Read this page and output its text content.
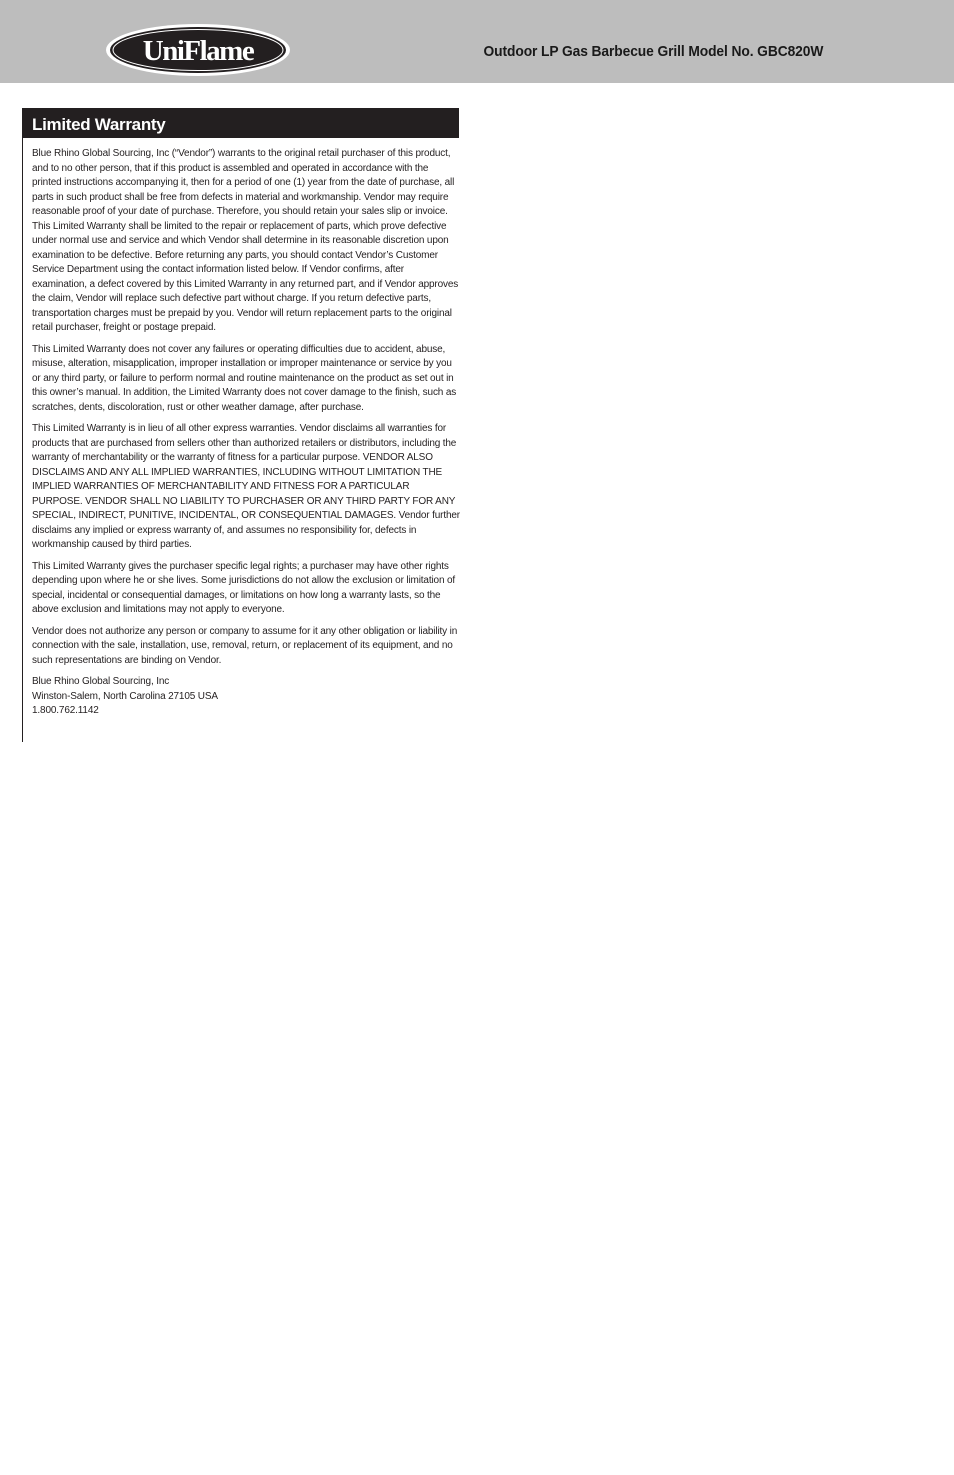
UniFlame	Outdoor LP Gas Barbecue Grill Model No. GBC820W
Limited Warranty

Blue Rhino Global Sourcing, Inc (“Vendor”) warrants to the original retail purchaser of this product, and to no other person, that if this product is assembled and operated in accordance with the printed instructions accompanying it, then for a period of one (1) year from the date of purchase, all parts in such product shall be free from defects in material and workmanship. Vendor may require reasonable proof of your date of purchase. Therefore, you should retain your sales slip or invoice. This Limited Warranty shall be limited to the repair or replacement of parts, which prove defective under normal use and service and which Vendor shall determine in its reasonable discretion upon examination to be defective. Before returning any parts, you should contact Vendor’s Customer Service Department using the contact information listed below. If Vendor confirms, after examination, a defect covered by this Limited Warranty in any returned part, and if Vendor approves the claim, Vendor will replace such defective part without charge. If you return defective parts, transportation charges must be prepaid by you. Vendor will return replacement parts to the original retail purchaser, freight or postage prepaid.

This Limited Warranty does not cover any failures or operating difficulties due to accident, abuse, misuse, alteration, misapplication, improper installation or improper maintenance or service by you or any third party, or failure to perform normal and routine maintenance on the product as set out in this owner’s manual. In addition, the Limited Warranty does not cover damage to the finish, such as scratches, dents, discoloration, rust or other weather damage, after purchase.

This Limited Warranty is in lieu of all other express warranties. Vendor disclaims all warranties for products that are purchased from sellers other than authorized retailers or distributors, including the warranty of merchantability or the warranty of fitness for a particular purpose. VENDOR ALSO DISCLAIMS AND ANY ALL IMPLIED WARRANTIES, INCLUDING WITHOUT LIMITATION THE IMPLIED WARRANTIES OF MERCHANTABILITY AND FITNESS FOR A PARTICULAR PURPOSE. VENDOR SHALL NO LIABILITY TO PURCHASER OR ANY THIRD PARTY FOR ANY SPECIAL, INDIRECT, PUNITIVE, INCIDENTAL, OR CONSEQUENTIAL DAMAGES. Vendor further disclaims any implied or express warranty of, and assumes no responsibility for, defects in workmanship caused by third parties.

This Limited Warranty gives the purchaser specific legal rights; a purchaser may have other rights depending upon where he or she lives. Some jurisdictions do not allow the exclusion or limitation of special, incidental or consequential damages, or limitations on how long a warranty lasts, so the above exclusion and limitations may not apply to everyone.

Vendor does not authorize any person or company to assume for it any other obligation or liability in connection with the sale, installation, use, removal, return, or replacement of its equipment, and no such representations are binding on Vendor.

Blue Rhino Global Sourcing, Inc
Winston-Salem, North Carolina 27105 USA
1.800.762.1142
